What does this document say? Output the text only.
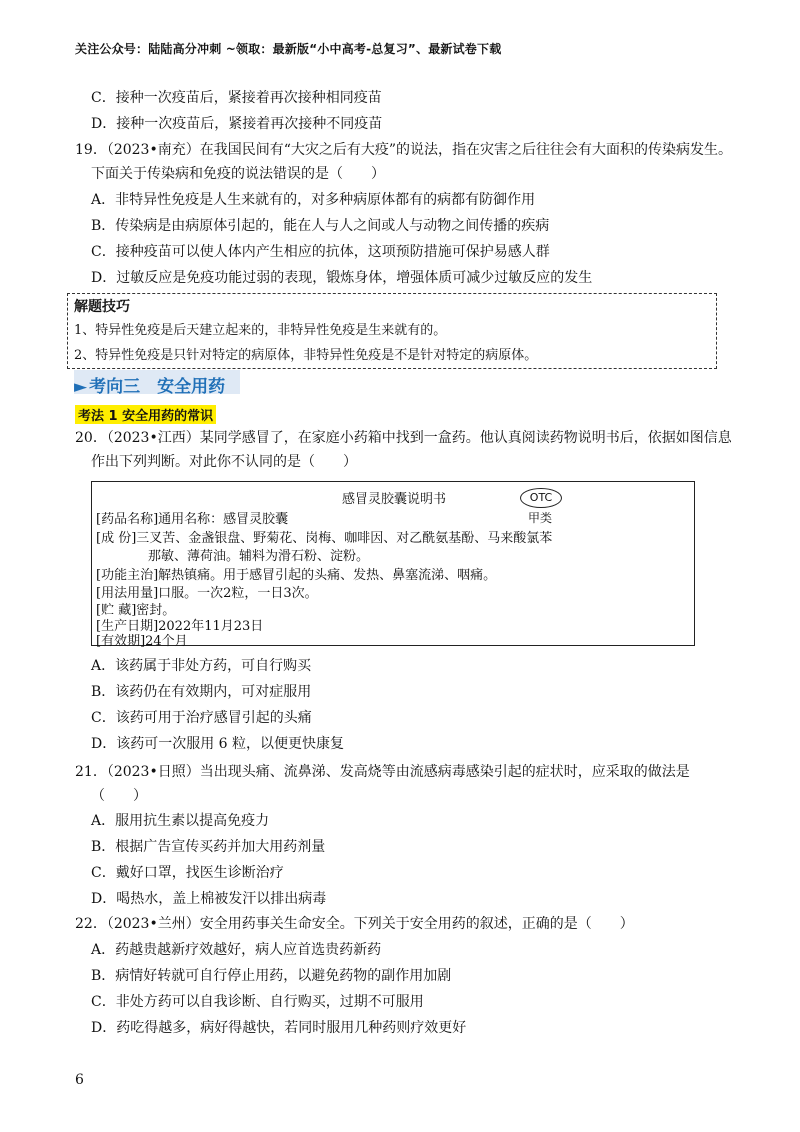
关注公众号：陆陆高分冲刺 ~领取：最新版“小中高考-总复习”、最新试卷下载
C．接种一次疫苗后，紧接着再次接种相同疫苗
D．接种一次疫苗后，紧接着再次接种不同疫苗
19．（2023•南充）在我国民间有“大灾之后有大疫”的说法，指在灾害之后往往会有大面积的传染病发生。
下面关于传染病和免疫的说法错误的是（　　）
A．非特异性免疫是人生来就有的，对多种病原体都有的病都有防御作用
B．传染病是由病原体引起的，能在人与人之间或人与动物之间传播的疾病
C．接种疫苗可以使人体内产生相应的抗体，这项预防措施可保护易感人群
D．过敏反应是免疫功能过弱的表现，锻炼身体，增强体质可减少过敏反应的发生
解题技巧
1、特异性免疫是后天建立起来的，非特异性免疫是生来就有的。
2、特异性免疫是只针对特定的病原体，非特异性免疫是不是针对特定的病原体。
► 考向三　安全用药
考法 1 安全用药的常识
20．（2023•江西）某同学感冒了，在家庭小药箱中找到一盒药。他认真阅读药物说明书后，依据如图信息
作出下列判断。对此你不认同的是（　　）
感冒灵胶囊说明书	OTC
甲类
[药品名称]通用名称：感冒灵胶囊
[成 份]三叉苦、金盏银盘、野菊花、岗梅、咖啡因、对乙酰氨基酚、马来酸氯苯
　　　　那敏、薄荷油。辅料为滑石粉、淀粉。
[功能主治]解热镇痛。用于感冒引起的头痛、发热、鼻塞流涕、咽痛。
[用法用量]口服。一次2粒，一日3次。
[贮 藏]密封。
[生产日期]2022年11月23日
[有效期]24个月
A．该药属于非处方药，可自行购买
B．该药仍在有效期内，可对症服用
C．该药可用于治疗感冒引起的头痛
D．该药可一次服用 6 粒，以便更快康复
21．（2023•日照）当出现头痛、流鼻涕、发高烧等由流感病毒感染引起的症状时，应采取的做法是
（　　）
A．服用抗生素以提高免疫力
B．根据广告宣传买药并加大用药剂量
C．戴好口罩，找医生诊断治疗
D．喝热水，盖上棉被发汗以排出病毒
22．（2023•兰州）安全用药事关生命安全。下列关于安全用药的叙述，正确的是（　　）
A．药越贵越新疗效越好，病人应首选贵药新药
B．病情好转就可自行停止用药，以避免药物的副作用加剧
C．非处方药可以自我诊断、自行购买，过期不可服用
D．药吃得越多，病好得越快，若同时服用几种药则疗效更好
6
